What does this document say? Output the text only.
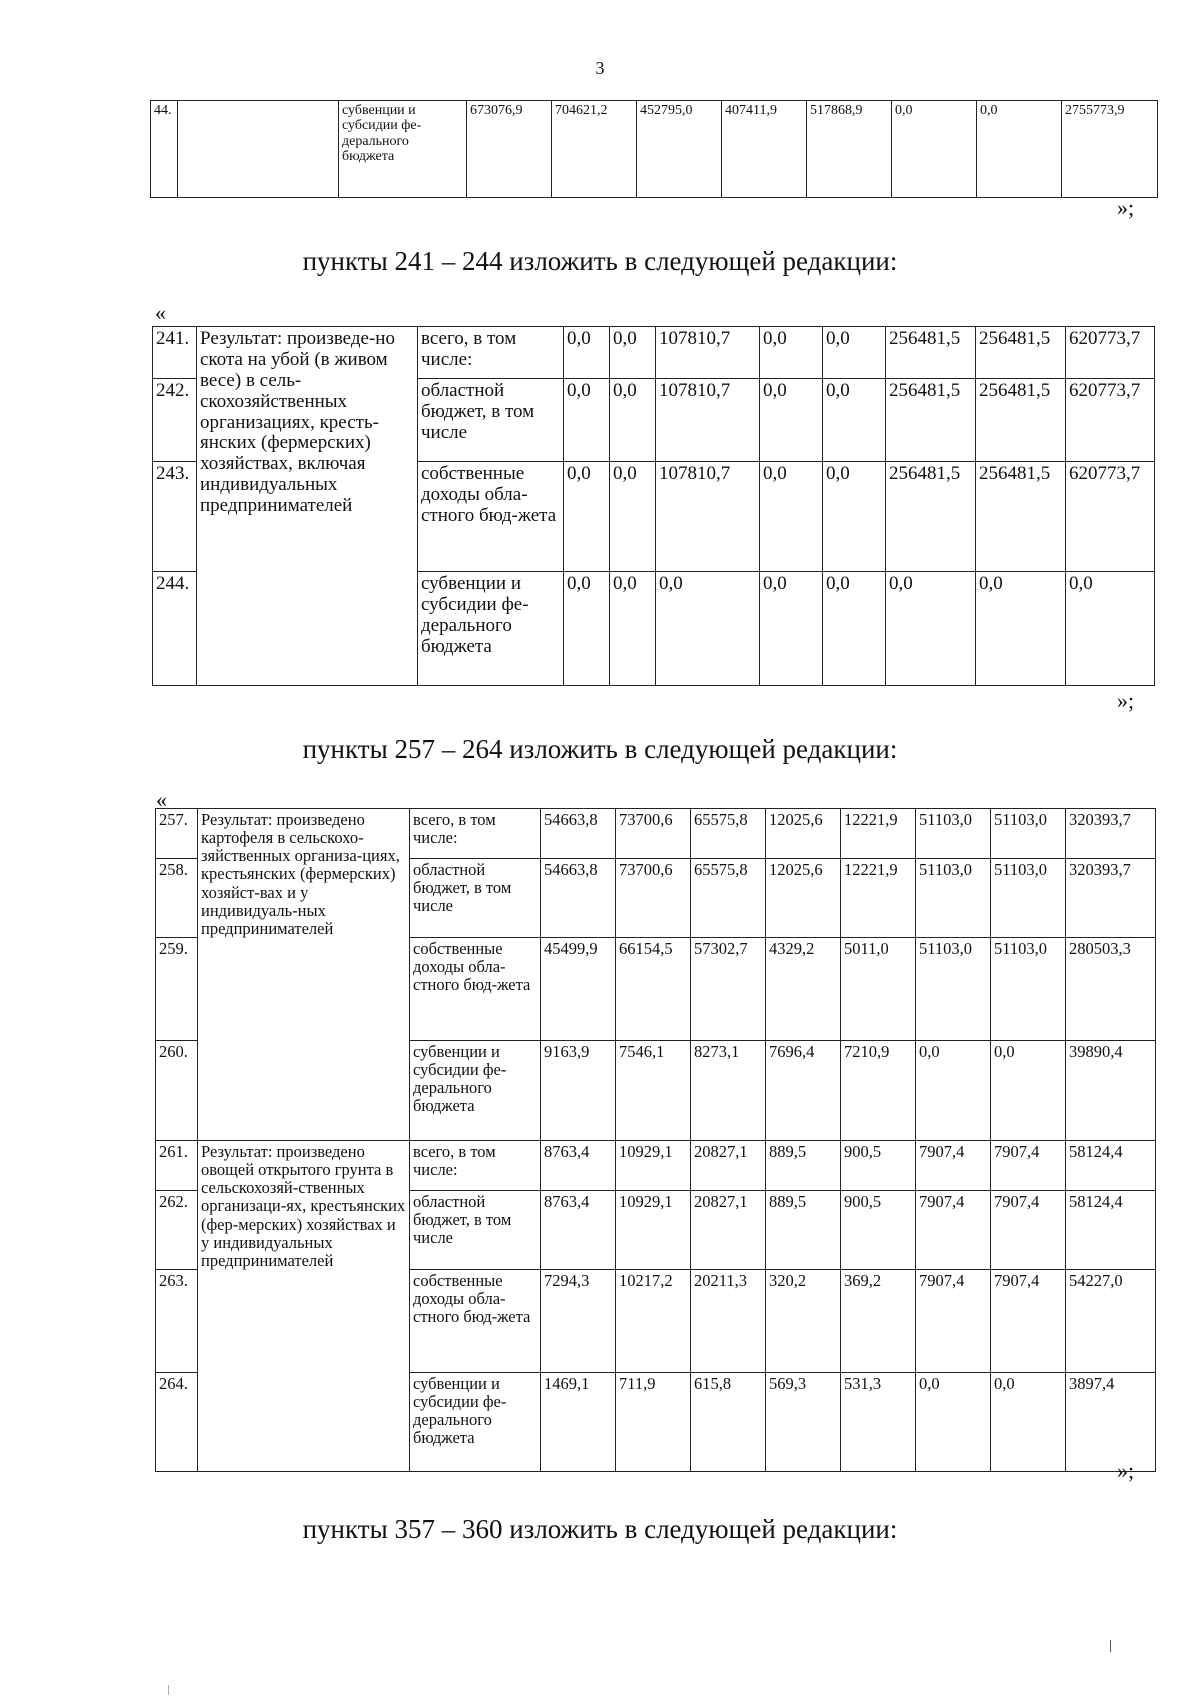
3
44.		субвенции и субсидии фе-дерального бюджета	673076,9	704621,2	452795,0	407411,9	517868,9	0,0	0,0	2755773,9
»;
пункты 241 – 244 изложить в следующей редакции:
«
241.	Результат: произведе-но скота на убой (в живом весе) в сель-скохозяйственных организациях, кресть-янских (фермерских) хозяйствах, включая индивидуальных предпринимателей	всего, в том числе:	0,0	0,0	107810,7	0,0	0,0	256481,5	256481,5	620773,7
242.		областной бюджет, в том числе	0,0	0,0	107810,7	0,0	0,0	256481,5	256481,5	620773,7
243.		собственные доходы обла-стного бюд-жета	0,0	0,0	107810,7	0,0	0,0	256481,5	256481,5	620773,7
244.		субвенции и субсидии фе-дерального бюджета	0,0	0,0	0,0	0,0	0,0	0,0	0,0	0,0
»;
пункты 257 – 264 изложить в следующей редакции:
«
257.	Результат: произведено картофеля в сельскохо-зяйственных организа-циях, крестьянских (фермерских) хозяйст-вах и у индивидуаль-ных предпринимателей	всего, в том числе:	54663,8	73700,6	65575,8	12025,6	12221,9	51103,0	51103,0	320393,7
258.		областной бюджет, в том числе	54663,8	73700,6	65575,8	12025,6	12221,9	51103,0	51103,0	320393,7
259.		собственные доходы обла-стного бюд-жета	45499,9	66154,5	57302,7	4329,2	5011,0	51103,0	51103,0	280503,3
260.		субвенции и субсидии фе-дерального бюджета	9163,9	7546,1	8273,1	7696,4	7210,9	0,0	0,0	39890,4
261.	Результат: произведено овощей открытого грунта в сельскохозяй-ственных организаци-ях, крестьянских (фер-мерских) хозяйствах и у индивидуальных предпринимателей	всего, в том числе:	8763,4	10929,1	20827,1	889,5	900,5	7907,4	7907,4	58124,4
262.		областной бюджет, в том числе	8763,4	10929,1	20827,1	889,5	900,5	7907,4	7907,4	58124,4
263.		собственные доходы обла-стного бюд-жета	7294,3	10217,2	20211,3	320,2	369,2	7907,4	7907,4	54227,0
264.		субвенции и субсидии фе-дерального бюджета	1469,1	711,9	615,8	569,3	531,3	0,0	0,0	3897,4
»;
пункты 357 – 360 изложить в следующей редакции:
